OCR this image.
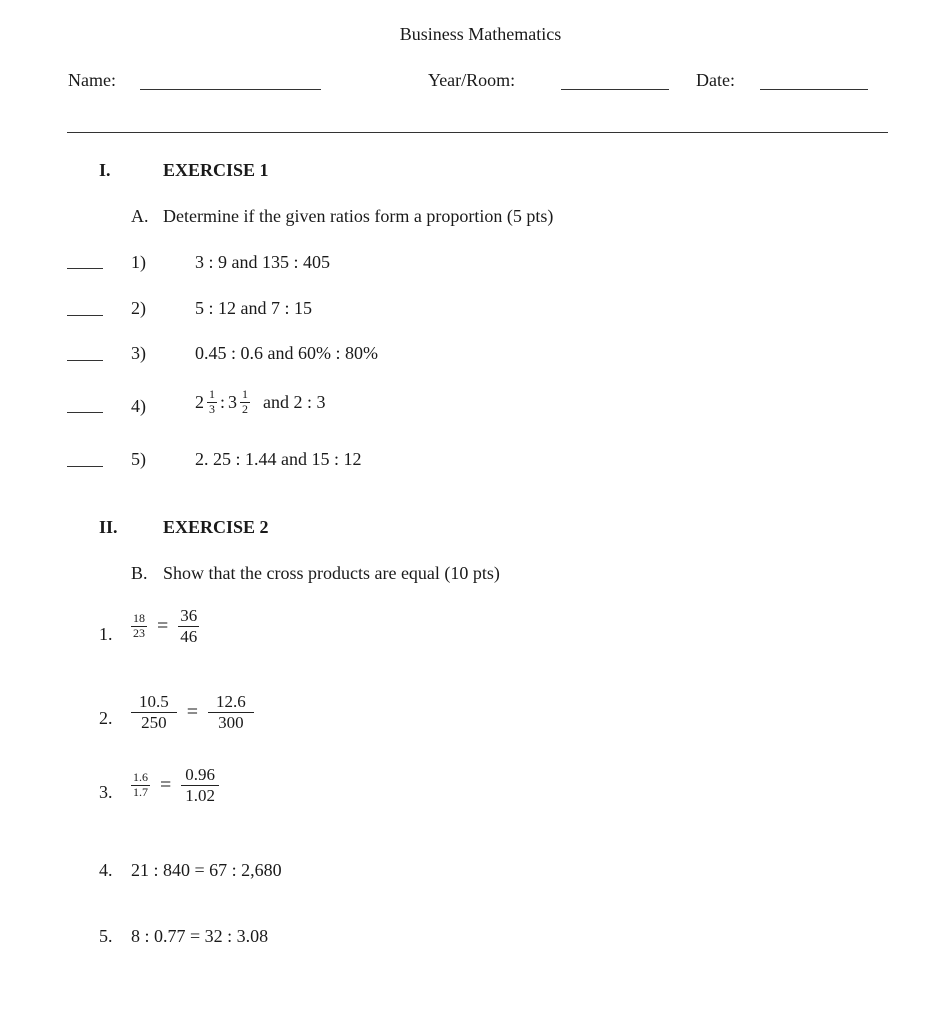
Business Mathematics
Name:	Year/Room:	Date:
I.	EXERCISE 1
A. Determine if the given ratios form a proportion (5 pts)
1)	3 : 9 and 135 : 405
2)	5 : 12 and 7 : 15
3)	0.45 : 0.6 and 60% : 80%
4)	$2 \frac{1}{3}$ : $3 \frac{1}{2}$ and 2 : 3
5)	2. 25 : 1.44 and 15 : 12
II.	EXERCISE 2
B. Show that the cross products are equal (10 pts)
1. $\frac{18}{23} = \frac{36}{46}$
2. $\frac{10.5}{250} = \frac{12.6}{300}$
3. $\frac{1.6}{1.7} = \frac{0.96}{1.02}$
4. 21 : 840 = 67 : 2,680
5. 8 : 0.77 = 32 : 3.08
